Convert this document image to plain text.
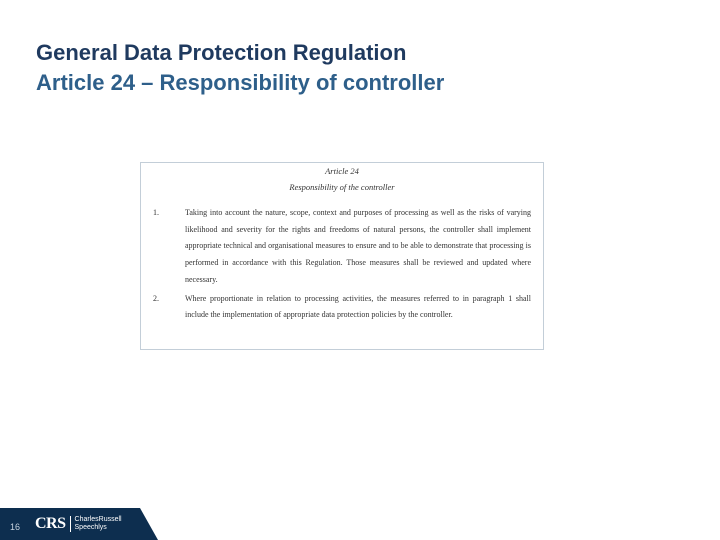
General Data Protection Regulation
Article 24 – Responsibility of controller
Article 24
Responsibility of the controller
1.	Taking into account the nature, scope, context and purposes of processing as well as the risks of varying likelihood and severity for the rights and freedoms of natural persons, the controller shall implement appropriate technical and organisational measures to ensure and to be able to demonstrate that processing is performed in accordance with this Regulation. Those measures shall be reviewed and updated where necessary.
2.	Where proportionate in relation to processing activities, the measures referred to in paragraph 1 shall include the implementation of appropriate data protection policies by the controller.
16 CRS CharlesRussell
Speechlys
